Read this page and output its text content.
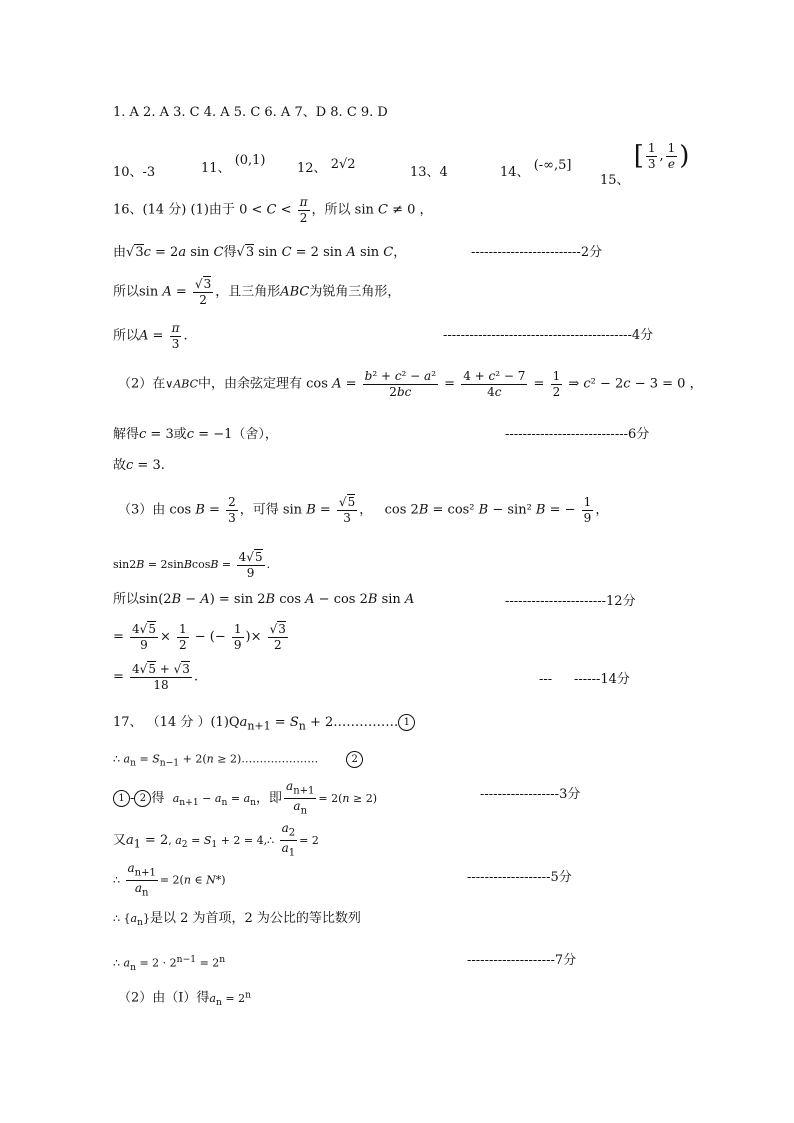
1. A 2. A 3. C 4. A 5. C 6. A 7、D 8. C 9. D
10、-3	11、 (0,1)
12、 2√2
13、4	14、 (-∞,5]
15、 [ $\frac{1}{3}$ , $\frac{1}{e}$ )
16、(14 分) (1)由于 $0 < C < \frac{\pi}{2}$ ，所以 sin C ≠ 0 ，
由√3c = 2a sin C得√3 sin C = 2 sin A sin C，	-------------------------2分
所以$\sin A = \frac{√3}{2}$ ，且三角形ABC为锐角三角形，
所以$A = \frac{\pi}{3}$ .	-------------------------------------------4分
（2）在∨ABC中，由余弦定理有 $\cos A = \frac{\text{b² + c² − a²}}{2bc} = \frac{\text{4 + c² − 7}}{4c} = \frac{1}{2}$ ⇒ c² − 2c − 3 = 0 ，
解得c = 3或c = −1（舍），	----------------------------6分
故c = 3.
（3）由 $\cos B = \frac{2}{3}$ ，可得 $\sin B = \frac{√5}{3}$ ，   cos 2B = cos² B − sin² B = − $\frac{1}{9}$ ，
sin2B = 2sinBcosB = $\frac{4√5}{9}$ .
所以sin(2B − A) = sin 2B cos A − cos 2B sin A	-----------------------12分
= $\frac{4√5}{9} \times \frac{1}{2}$ − (− $\frac{1}{9}$ )× $\frac{√3}{2}$
= $\frac{4√5 + √3}{18}$ .	--- ------14分
17、 （14 分 ）$(1)Qa_{n+1} = S_n$ + 2…………… 1
∴ $a_n = S_{n-1} + 2(n$ ≥ 2)…………………	2
1 - 2 得 $a_{n+1} - a_n = a_n$，即 $\frac{a_{n+1}}{a_n} = 2(n \ge 2)$	------------------3分
又$a_1 = 2$, $a_2 = S_1 + 2$ = 4,∴ $\frac{a_2}{a_1} = 2$
∴ $\frac{a_{n+1}}{a_n} = 2(n$ ∈ N*)	-------------------5分
∴ $\{a_n\}$是以 2 为首项，2 为公比的等比数列
∴ $a_n = 2 \cdot 2^{n-1} = 2^n$	--------------------7分
（2）由（Ⅰ）得$a_n = 2^n$
